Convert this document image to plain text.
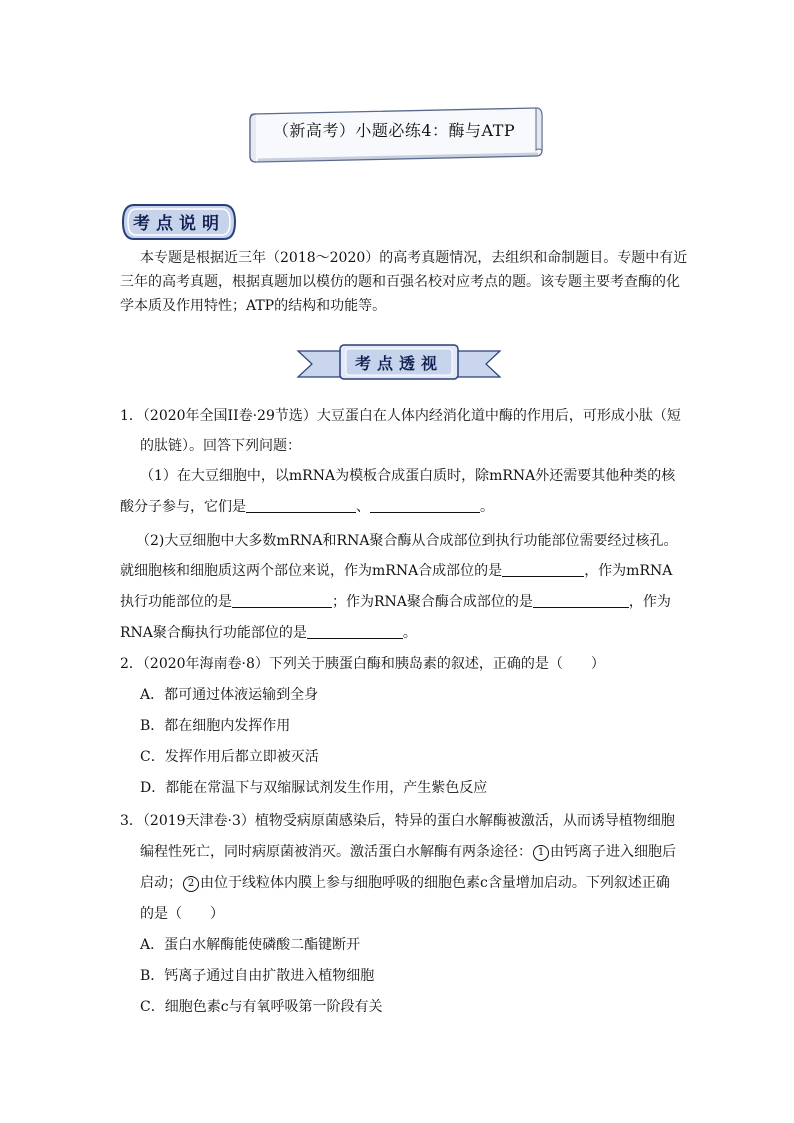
（新高考）小题必练4：酶与ATP
考点说明
本专题是根据近三年（2018～2020）的高考真题情况，去组织和命制题目。专题中有近
三年的高考真题，根据真题加以模仿的题和百强名校对应考点的题。该专题主要考查酶的化
学本质及作用特性；ATP的结构和功能等。
考点透视
1．（2020年全国II卷·29节选）大豆蛋白在人体内经消化道中酶的作用后，可形成小肽（短
的肽链）。回答下列问题：
（1）在大豆细胞中，以mRNA为模板合成蛋白质时，除mRNA外还需要其他种类的核
酸分子参与，它们是	、	。
（2)大豆细胞中大多数mRNA和RNA聚合酶从合成部位到执行功能部位需要经过核孔。
就细胞核和细胞质这两个部位来说，作为mRNA合成部位的是	，作为mRNA
执行功能部位的是	；作为RNA聚合酶合成部位的是	，作为
RNA聚合酶执行功能部位的是	。
2．（2020年海南卷·8）下列关于胰蛋白酶和胰岛素的叙述，正确的是（　　）
A．都可通过体液运输到全身
B．都在细胞内发挥作用
C．发挥作用后都立即被灭活
D．都能在常温下与双缩脲试剂发生作用，产生紫色反应
3．（2019天津卷·3）植物受病原菌感染后，特异的蛋白水解酶被激活，从而诱导植物细胞
编程性死亡，同时病原菌被消灭。激活蛋白水解酶有两条途径： 1 由钙离子进入细胞后
启动； 2 由位于线粒体内膜上参与细胞呼吸的细胞色素c含量增加启动。下列叙述正确
的是（　　）
A．蛋白水解酶能使磷酸二酯键断开
B．钙离子通过自由扩散进入植物细胞
C．细胞色素c与有氧呼吸第一阶段有关
